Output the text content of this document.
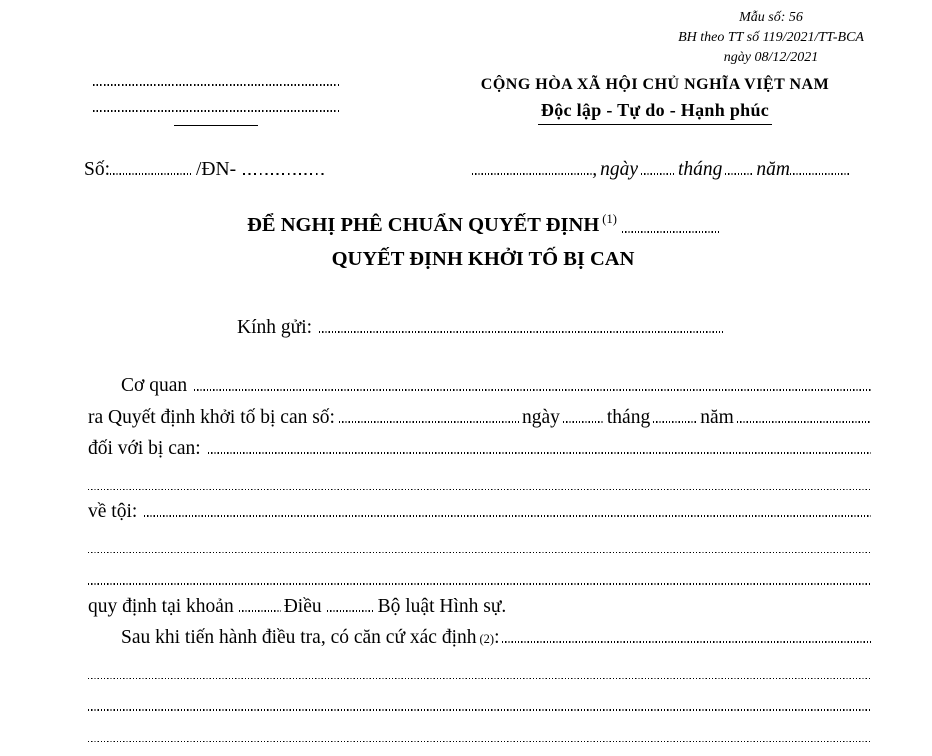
Mẫu số: 56
BH theo TT số 119/2021/TT-BCA
ngày 08/12/2021
CỘNG HÒA XÃ HỘI CHỦ NGHĨA VIỆT NAM
Độc lập - Tự do - Hạnh phúc
Số:	/ĐN-	, ngày tháng năm
ĐỂ NGHỊ PHÊ CHUẨN QUYẾT ĐỊNH $^{(1)}$
QUYẾT ĐỊNH KHỞI TỐ BỊ CAN
Kính gửi:
Cơ quan
ra Quyết định khởi tố bị can số:	ngày tháng	năm
đối với bị can:
về tội:
quy định tại khoản	Điều	Bộ luật Hình sự.
Sau khi tiến hành điều tra, có căn cứ xác định (2) :
